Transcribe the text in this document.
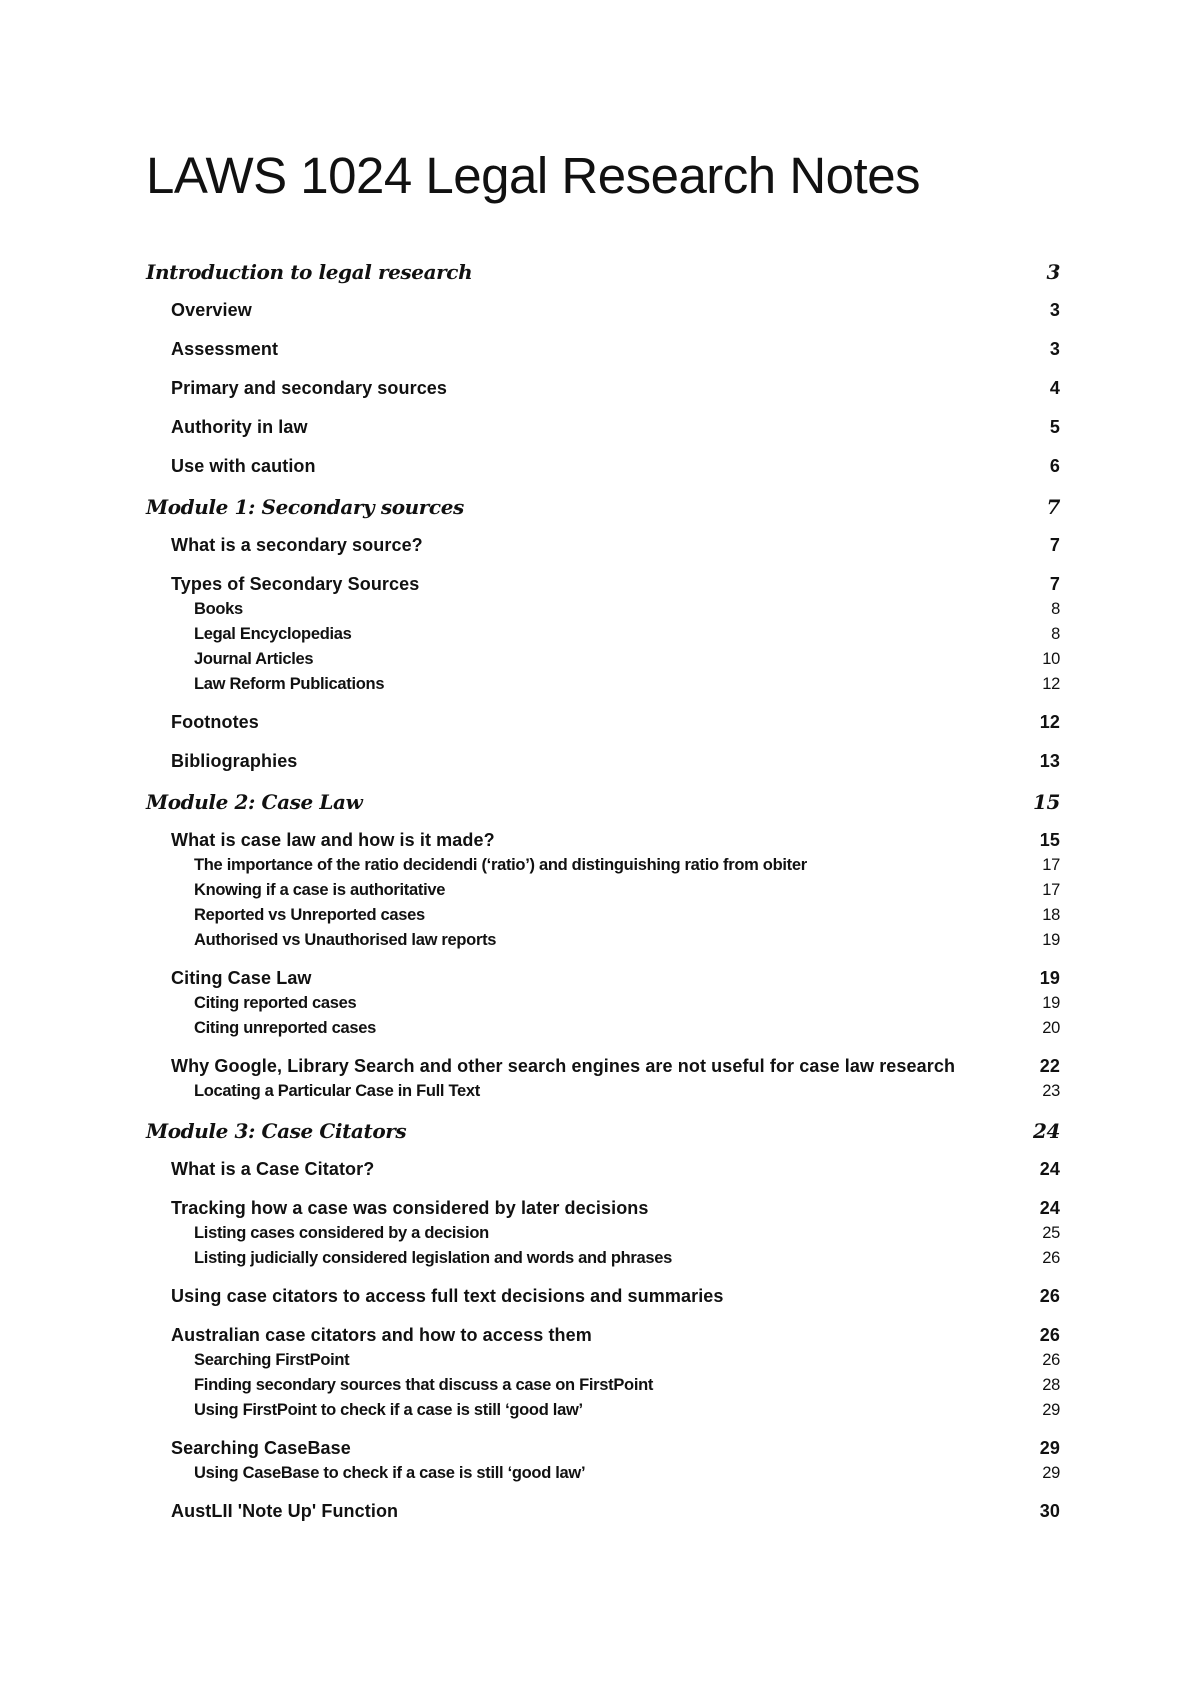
LAWS 1024 Legal Research Notes
Introduction to legal research	3
Overview	3
Assessment	3
Primary and secondary sources	4
Authority in law	5
Use with caution	6
Module 1: Secondary sources	7
What is a secondary source?	7
Types of Secondary Sources	7
Books	8
Legal Encyclopedias	8
Journal Articles	10
Law Reform Publications	12
Footnotes	12
Bibliographies	13
Module 2: Case Law	15
What is case law and how is it made?	15
The importance of the ratio decidendi (‘ratio’) and distinguishing ratio from obiter	17
Knowing if a case is authoritative	17
Reported vs Unreported cases	18
Authorised vs Unauthorised law reports	19
Citing Case Law	19
Citing reported cases	19
Citing unreported cases	20
Why Google, Library Search and other search engines are not useful for case law research	22
Locating a Particular Case in Full Text	23
Module 3: Case Citators	24
What is a Case Citator?	24
Tracking how a case was considered by later decisions	24
Listing cases considered by a decision	25
Listing judicially considered legislation and words and phrases	26
Using case citators to access full text decisions and summaries	26
Australian case citators and how to access them	26
Searching FirstPoint	26
Finding secondary sources that discuss a case on FirstPoint	28
Using FirstPoint to check if a case is still ‘good law’	29
Searching CaseBase	29
Using CaseBase to check if a case is still ‘good law’	29
AustLII 'Note Up' Function	30
